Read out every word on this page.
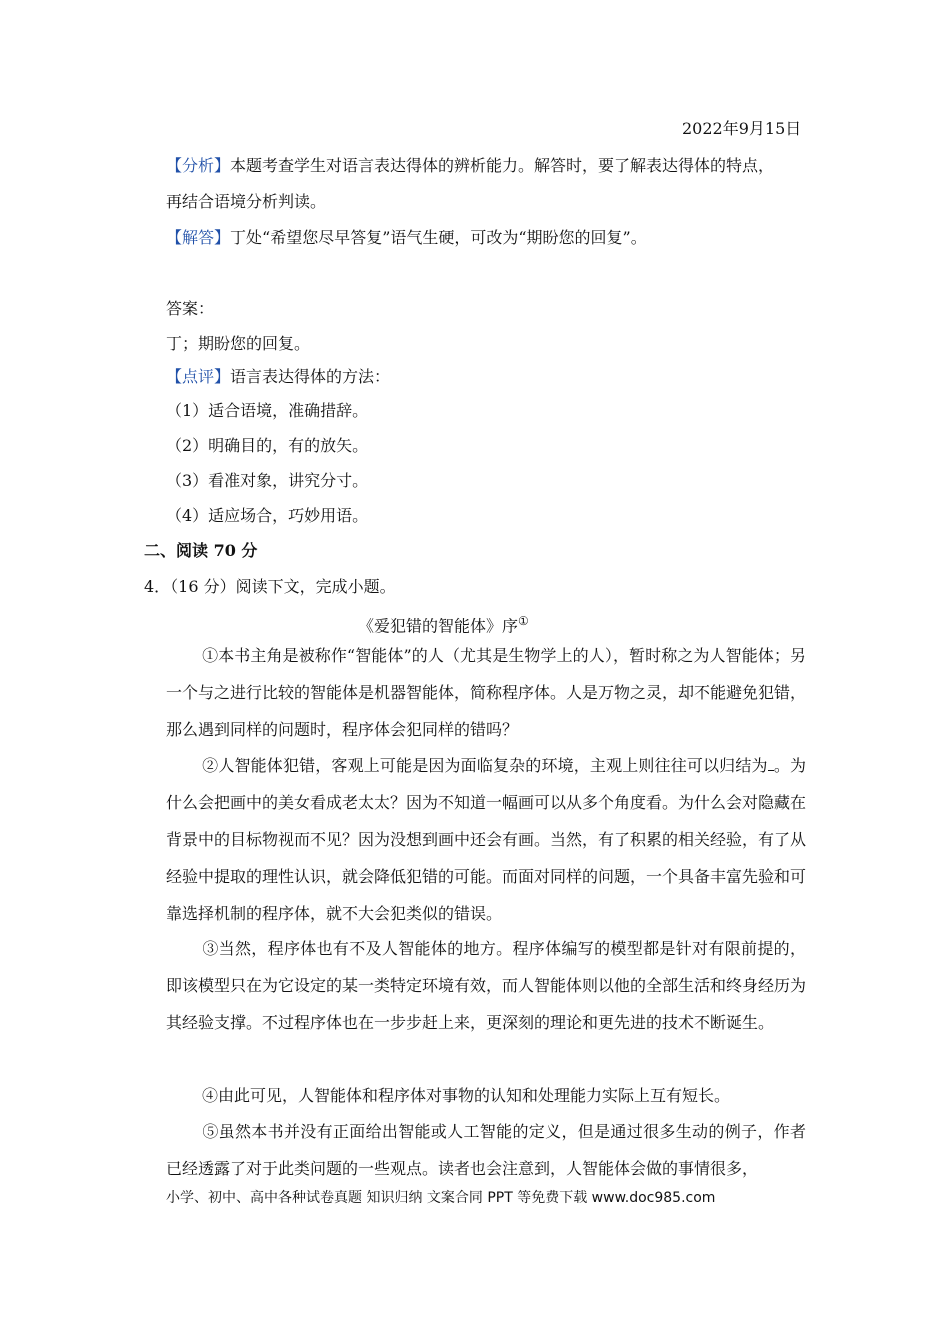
2022年9月15日
【分析】本题考查学生对语言表达得体的辨析能力。解答时，要了解表达得体的特点，
再结合语境分析判读。
【解答】丁处“希望您尽早答复”语气生硬，可改为“期盼您的回复”。
答案：
丁；期盼您的回复。
【点评】语言表达得体的方法：
（1）适合语境，准确措辞。
（2）明确目的，有的放矢。
（3）看准对象，讲究分寸。
（4）适应场合，巧妙用语。
二、阅读 70 分
4．（16 分）阅读下文，完成小题。
《爱犯错的智能体》序①
①本书主角是被称作“智能体”的人（尤其是生物学上的人），暂时称之为人智能体；另一个与之进行比较的智能体是机器智能体，简称程序体。人是万物之灵，却不能避免犯错，那么遇到同样的问题时，程序体会犯同样的错吗？
②人智能体犯错，客观上可能是因为面临复杂的环境，主观上则往往可以归结为 。为什么会把画中的美女看成老太太？因为不知道一幅画可以从多个角度看。为什么会对隐藏在背景中的目标物视而不见？因为没想到画中还会有画。当然，有了积累的相关经验，有了从经验中提取的理性认识，就会降低犯错的可能。而面对同样的问题，一个具备丰富先验和可靠选择机制的程序体，就不大会犯类似的错误。
③当然，程序体也有不及人智能体的地方。程序体编写的模型都是针对有限前提的，即该模型只在为它设定的某一类特定环境有效，而人智能体则以他的全部生活和终身经历为其经验支撑。不过程序体也在一步步赶上来，更深刻的理论和更先进的技术不断诞生。
④由此可见，人智能体和程序体对事物的认知和处理能力实际上互有短长。
⑤虽然本书并没有正面给出智能或人工智能的定义，但是通过很多生动的例子，作者已经透露了对于此类问题的一些观点。读者也会注意到，人智能体会做的事情很多，
小学、初中、高中各种试卷真题 知识归纳 文案合同 PPT 等免费下载 www.doc985.com
